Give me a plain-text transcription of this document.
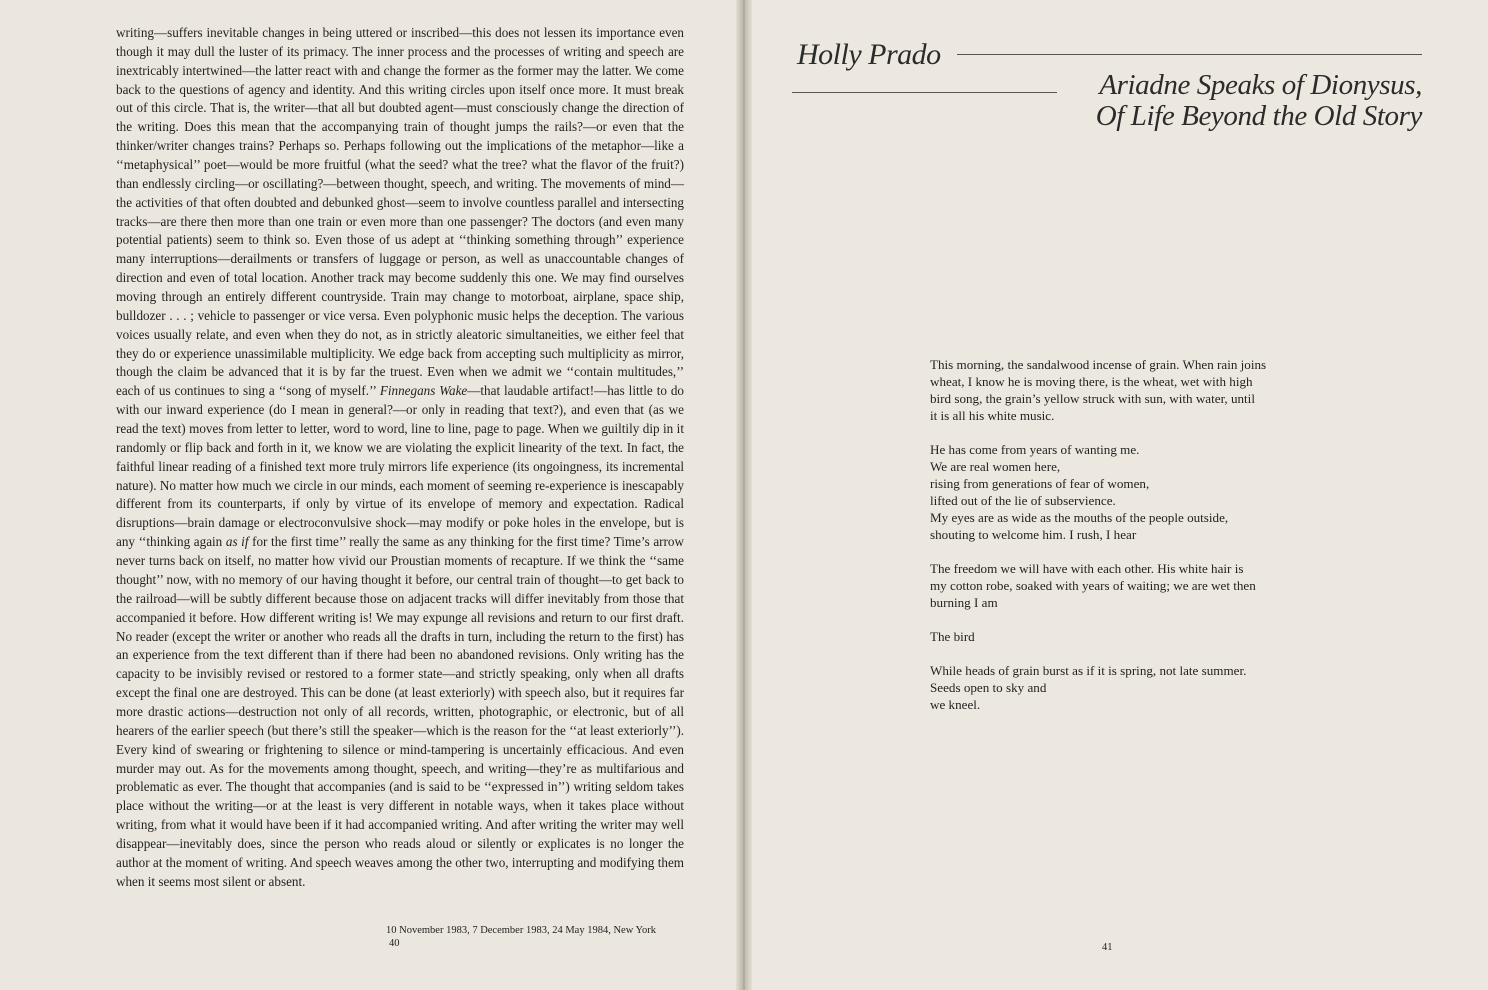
writing—suffers inevitable changes in being uttered or inscribed—this does not lessen its importance even though it may dull the luster of its primacy. The inner process and the processes of writing and speech are inextricably intertwined—the latter react with and change the former as the former may the latter. We come back to the questions of agency and identity. And this writing circles upon itself once more. It must break out of this circle. That is, the writer—that all but doubted agent—must consciously change the direction of the writing. Does this mean that the accompanying train of thought jumps the rails?—or even that the thinker/writer changes trains? Perhaps so. Perhaps following out the implications of the metaphor—like a ‘‘metaphysical’’ poet—would be more fruitful (what the seed? what the tree? what the flavor of the fruit?) than endlessly circling—or oscillating?—between thought, speech, and writing. The movements of mind—the activities of that often doubted and debunked ghost—seem to involve countless parallel and intersecting tracks—are there then more than one train or even more than one passenger? The doctors (and even many potential patients) seem to think so. Even those of us adept at ‘‘thinking something through’’ experience many interruptions—derailments or transfers of luggage or person, as well as unaccountable changes of direction and even of total location. Another track may become suddenly this one. We may find ourselves moving through an entirely different countryside. Train may change to motorboat, airplane, space ship, bulldozer . . . ; vehicle to passenger or vice versa. Even polyphonic music helps the deception. The various voices usually relate, and even when they do not, as in strictly aleatoric simultaneities, we either feel that they do or experience unassimilable multiplicity. We edge back from accepting such multiplicity as mirror, though the claim be advanced that it is by far the truest. Even when we admit we ‘‘contain multitudes,’’ each of us continues to sing a ‘‘song of myself.’’ Finnegans Wake—that laudable artifact!—has little to do with our inward experience (do I mean in general?—or only in reading that text?), and even that (as we read the text) moves from letter to letter, word to word, line to line, page to page. When we guiltily dip in it randomly or flip back and forth in it, we know we are violating the explicit linearity of the text. In fact, the faithful linear reading of a finished text more truly mirrors life experience (its ongoingness, its incremental nature). No matter how much we circle in our minds, each moment of seeming re-experience is inescapably different from its counterparts, if only by virtue of its envelope of memory and expectation. Radical disruptions—brain damage or electroconvulsive shock—may modify or poke holes in the envelope, but is any ‘‘thinking again as if for the first time’’ really the same as any thinking for the first time? Time’s arrow never turns back on itself, no matter how vivid our Proustian moments of recapture. If we think the ‘‘same thought’’ now, with no memory of our having thought it before, our central train of thought—to get back to the railroad—will be subtly different because those on adjacent tracks will differ inevitably from those that accompanied it before. How different writing is! We may expunge all revisions and return to our first draft. No reader (except the writer or another who reads all the drafts in turn, including the return to the first) has an experience from the text different than if there had been no abandoned revisions. Only writing has the capacity to be invisibly revised or restored to a former state—and strictly speaking, only when all drafts except the final one are destroyed. This can be done (at least exteriorly) with speech also, but it requires far more drastic actions—destruction not only of all records, written, photographic, or electronic, but of all hearers of the earlier speech (but there’s still the speaker—which is the reason for the ‘‘at least exteriorly’’). Every kind of swearing or frightening to silence or mind-tampering is uncertainly efficacious. And even murder may out. As for the movements among thought, speech, and writing—they’re as multifarious and problematic as ever. The thought that accompanies (and is said to be ‘‘expressed in’’) writing seldom takes place without the writing—or at the least is very different in notable ways, when it takes place without writing, from what it would have been if it had accompanied writing. And after writing the writer may well disappear—inevitably does, since the person who reads aloud or silently or explicates is no longer the author at the moment of writing. And speech weaves among the other two, interrupting and modifying them when it seems most silent or absent.
10 November 1983, 7 December 1983, 24 May 1984, New York
40
Holly Prado
Ariadne Speaks of Dionysus,
Of Life Beyond the Old Story
This morning, the sandalwood incense of grain. When rain joins
wheat, I know he is moving there, is the wheat, wet with high
bird song, the grain’s yellow struck with sun, with water, until
it is all his white music.
He has come from years of wanting me.
We are real women here,
rising from generations of fear of women,
lifted out of the lie of subservience.
My eyes are as wide as the mouths of the people outside,
shouting to welcome him. I rush, I hear
The freedom we will have with each other. His white hair is
my cotton robe, soaked with years of waiting; we are wet then
burning I am
The bird
While heads of grain burst as if it is spring, not late summer.
Seeds open to sky and
we kneel.
41
